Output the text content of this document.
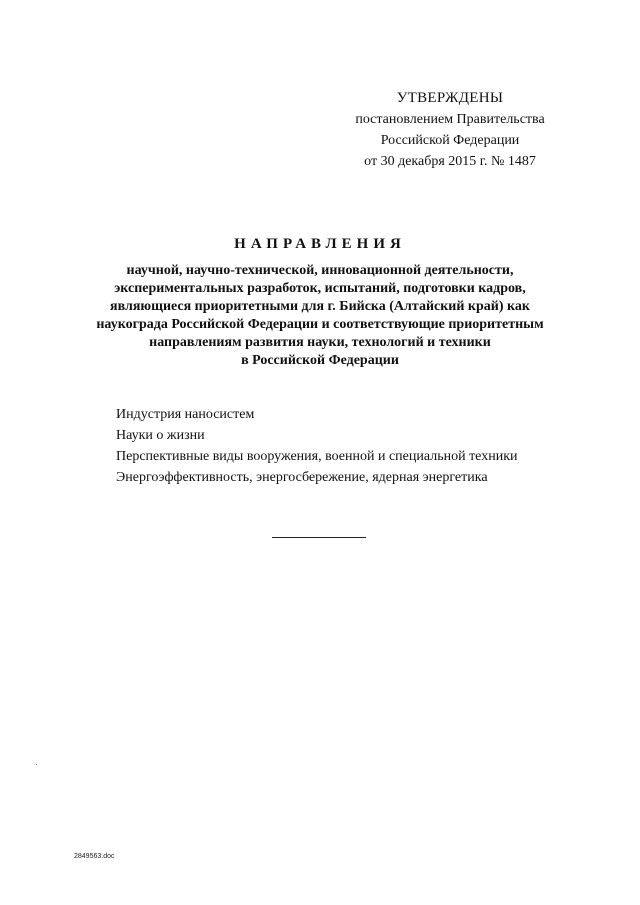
УТВЕРЖДЕНЫ
постановлением Правительства
Российской Федерации
от 30 декабря 2015 г. № 1487
НАПРАВЛЕНИЯ
научной, научно-технической, инновационной деятельности,
экспериментальных разработок, испытаний, подготовки кадров,
являющиеся приоритетными для г. Бийска (Алтайский край) как
наукограда Российской Федерации и соответствующие приоритетным
направлениям развития науки, технологий и техники
в Российской Федерации
Индустрия наносистем
Науки о жизни
Перспективные виды вооружения, военной и специальной техники
Энергоэффективность, энергосбережение, ядерная энергетика
2849563.doc
